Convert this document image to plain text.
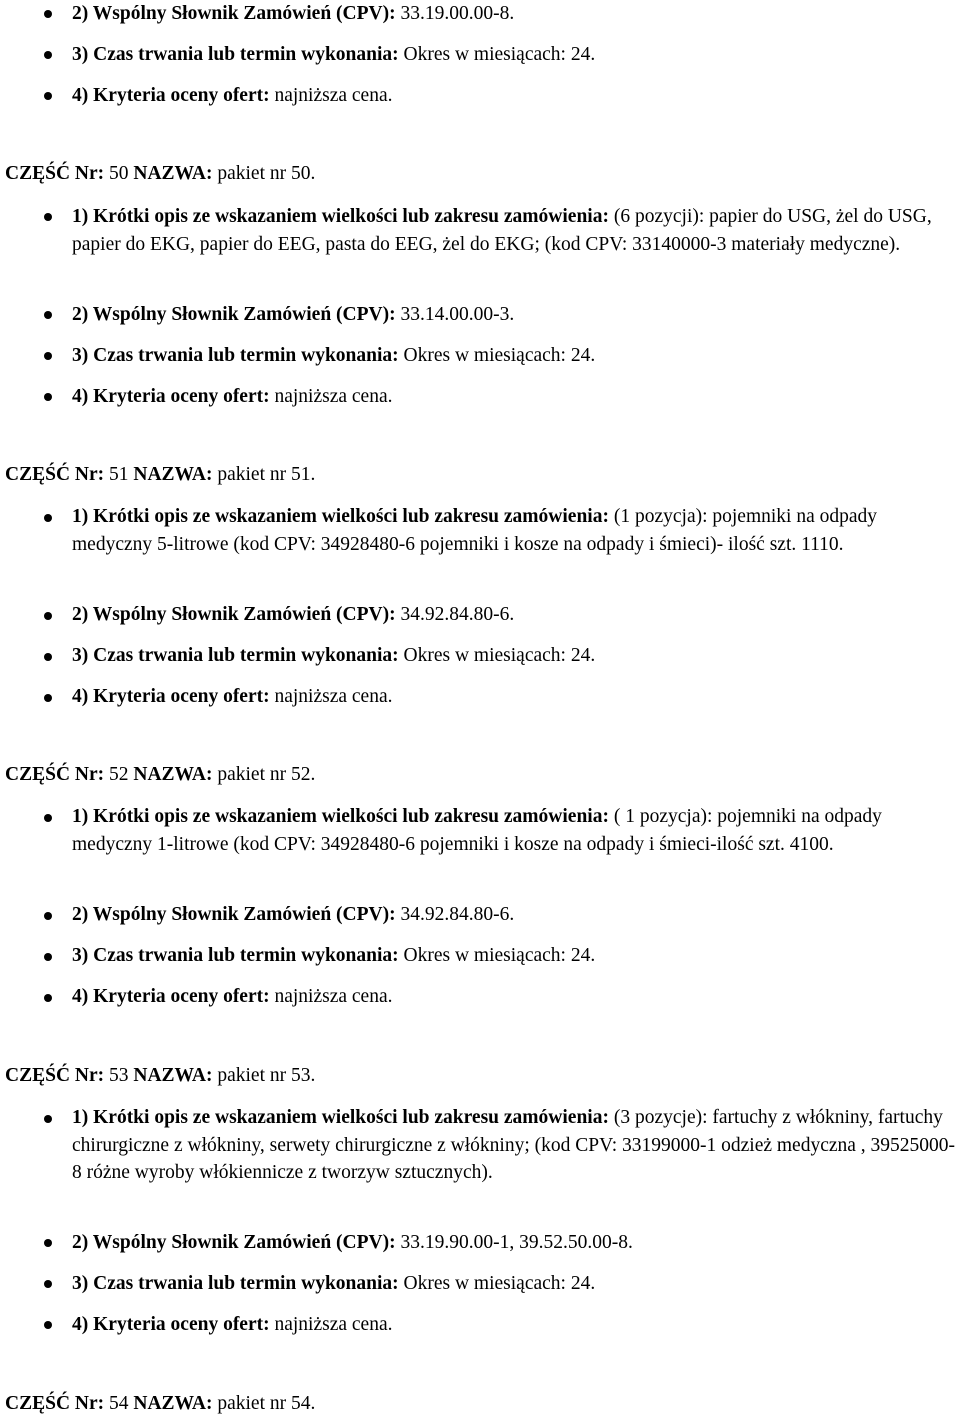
2) Wspólny Słownik Zamówień (CPV): 33.19.00.00-8.
3) Czas trwania lub termin wykonania: Okres w miesiącach: 24.
4) Kryteria oceny ofert: najniższa cena.
CZĘŚĆ Nr: 50 NAZWA: pakiet nr 50.
1) Krótki opis ze wskazaniem wielkości lub zakresu zamówienia: (6 pozycji): papier do USG, żel do USG, papier do EKG, papier do EEG, pasta do EEG, żel do EKG; (kod CPV: 33140000-3 materiały medyczne).
2) Wspólny Słownik Zamówień (CPV): 33.14.00.00-3.
3) Czas trwania lub termin wykonania: Okres w miesiącach: 24.
4) Kryteria oceny ofert: najniższa cena.
CZĘŚĆ Nr: 51 NAZWA: pakiet nr 51.
1) Krótki opis ze wskazaniem wielkości lub zakresu zamówienia: (1 pozycja): pojemniki na odpady medyczny 5-litrowe (kod CPV: 34928480-6 pojemniki i kosze na odpady i śmieci)- ilość szt. 1110.
2) Wspólny Słownik Zamówień (CPV): 34.92.84.80-6.
3) Czas trwania lub termin wykonania: Okres w miesiącach: 24.
4) Kryteria oceny ofert: najniższa cena.
CZĘŚĆ Nr: 52 NAZWA: pakiet nr 52.
1) Krótki opis ze wskazaniem wielkości lub zakresu zamówienia: ( 1 pozycja): pojemniki na odpady medyczny 1-litrowe (kod CPV: 34928480-6 pojemniki i kosze na odpady i śmieci-ilość szt. 4100.
2) Wspólny Słownik Zamówień (CPV): 34.92.84.80-6.
3) Czas trwania lub termin wykonania: Okres w miesiącach: 24.
4) Kryteria oceny ofert: najniższa cena.
CZĘŚĆ Nr: 53 NAZWA: pakiet nr 53.
1) Krótki opis ze wskazaniem wielkości lub zakresu zamówienia: (3 pozycje): fartuchy z włókniny, fartuchy chirurgiczne z włókniny, serwety chirurgiczne z włókniny; (kod CPV: 33199000-1 odzież medyczna , 39525000-8 różne wyroby włókiennicze z tworzyw sztucznych).
2) Wspólny Słownik Zamówień (CPV): 33.19.90.00-1, 39.52.50.00-8.
3) Czas trwania lub termin wykonania: Okres w miesiącach: 24.
4) Kryteria oceny ofert: najniższa cena.
CZĘŚĆ Nr: 54 NAZWA: pakiet nr 54.
